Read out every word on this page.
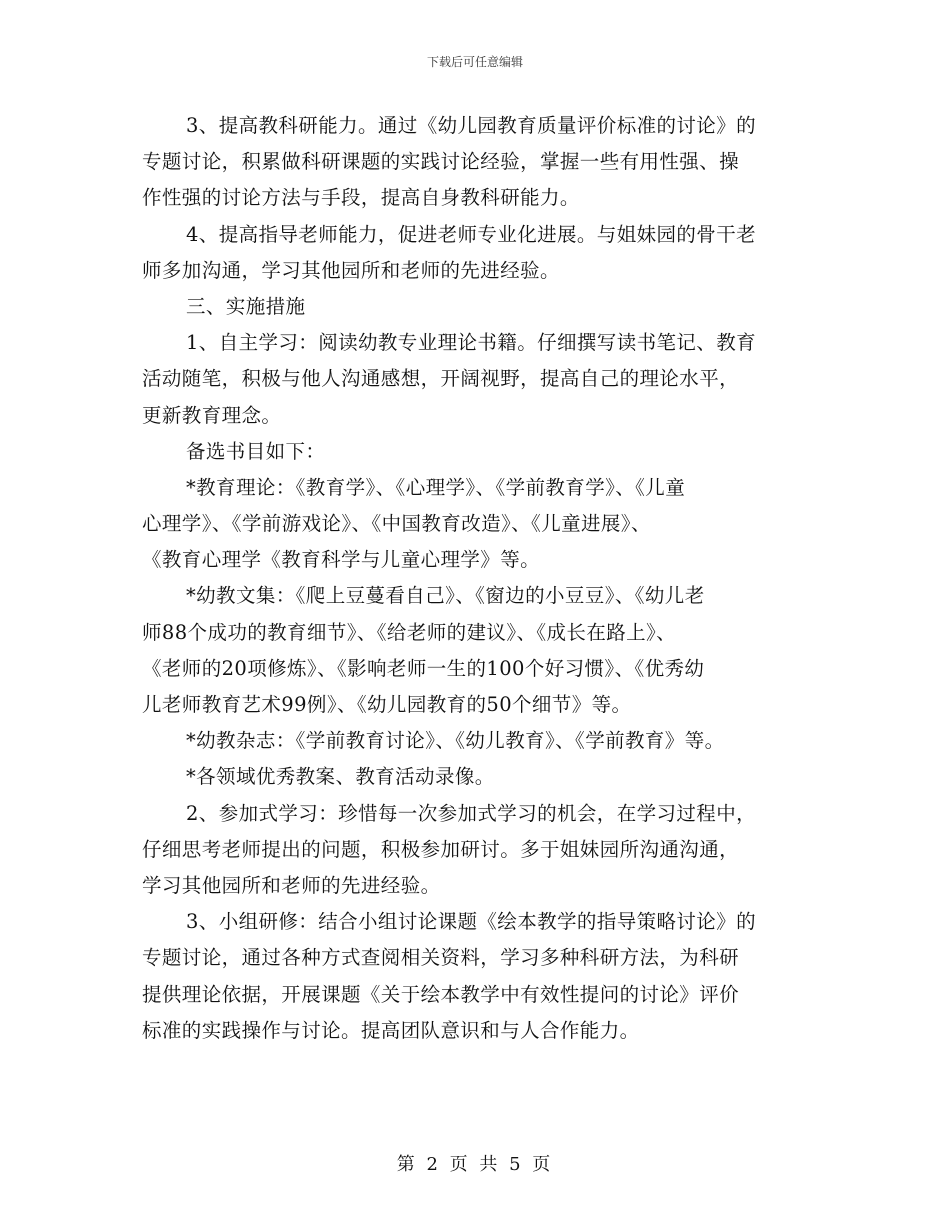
下载后可任意编辑
3、提高教科研能力。通过《幼儿园教育质量评价标准的讨论》的
专题讨论，积累做科研课题的实践讨论经验，掌握一些有用性强、操
作性强的讨论方法与手段，提高自身教科研能力。
4、提高指导老师能力，促进老师专业化进展。与姐妹园的骨干老
师多加沟通，学习其他园所和老师的先进经验。
三、实施措施
1、自主学习：阅读幼教专业理论书籍。仔细撰写读书笔记、教育
活动随笔，积极与他人沟通感想，开阔视野，提高自己的理论水平，
更新教育理念。
备选书目如下：
*教育理论：《教育学》、《心理学》、《学前教育学》、《儿童
心理学》、《学前游戏论》、《中国教育改造》、《儿童进展》、
《教育心理学《教育科学与儿童心理学》等。
*幼教文集：《爬上豆蔓看自己》、《窗边的小豆豆》、《幼儿老
师88个成功的教育细节》、《给老师的建议》、《成长在路上》、
《老师的20项修炼》、《影响老师一生的100个好习惯》、《优秀幼
儿老师教育艺术99例》、《幼儿园教育的50个细节》等。
*幼教杂志：《学前教育讨论》、《幼儿教育》、《学前教育》等。
*各领域优秀教案、教育活动录像。
2、参加式学习：珍惜每一次参加式学习的机会，在学习过程中，
仔细思考老师提出的问题，积极参加研讨。多于姐妹园所沟通沟通，
学习其他园所和老师的先进经验。
3、小组研修：结合小组讨论课题《绘本教学的指导策略讨论》的
专题讨论，通过各种方式查阅相关资料，学习多种科研方法，为科研
提供理论依据，开展课题《关于绘本教学中有效性提问的讨论》评价
标准的实践操作与讨论。提高团队意识和与人合作能力。
第 2 页 共 5 页
